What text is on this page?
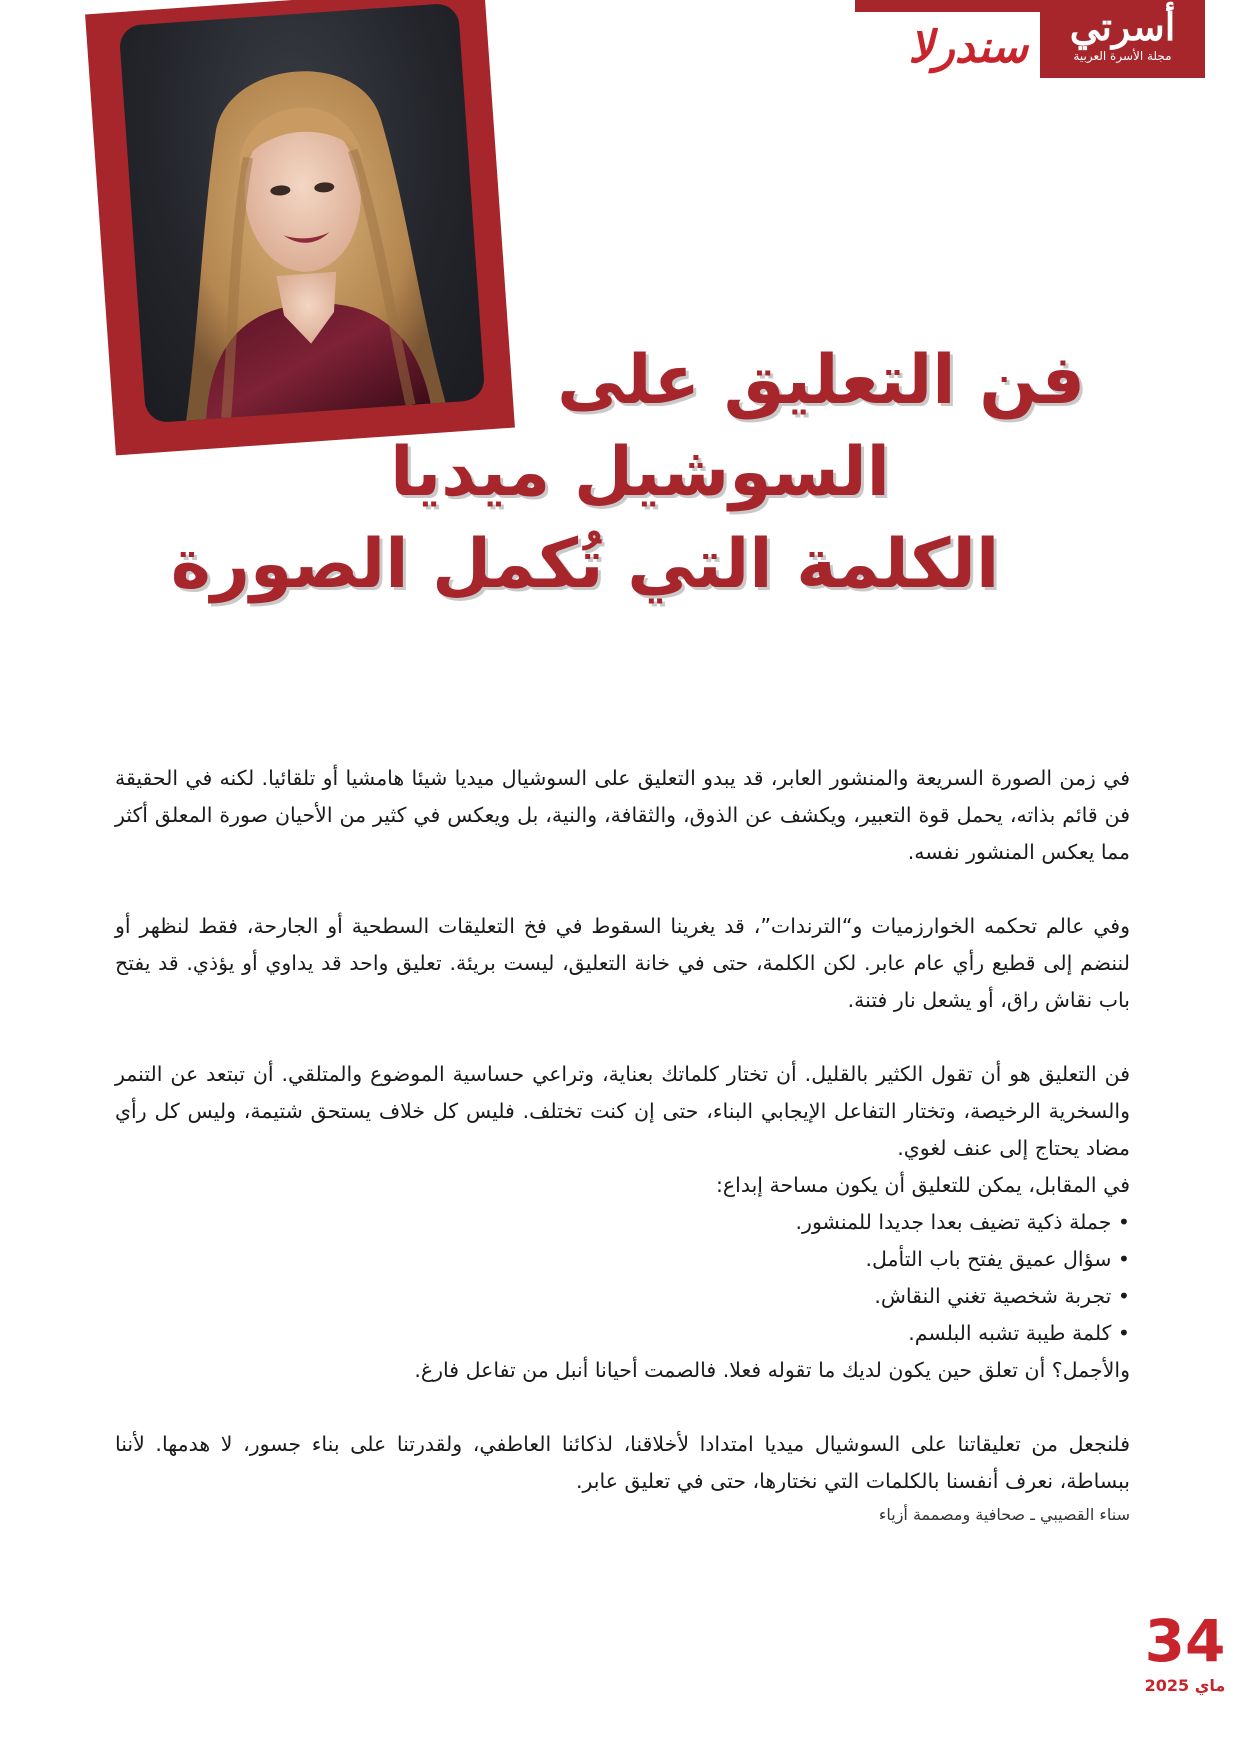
أسرتي
مجلة الأسرة العربية
سندرلا
فن التعليق على
السوشيل ميديا
الكلمة التي تُكمل الصورة

في زمن الصورة السريعة والمنشور العابر، قد يبدو التعليق على السوشيال ميديا شيئا هامشيا أو تلقائيا. لكنه في الحقيقة فن قائم بذاته، يحمل قوة التعبير، ويكشف عن الذوق، والثقافة، والنية، بل ويعكس في كثير من الأحيان صورة المعلق أكثر مما يعكس المنشور نفسه.

وفي عالم تحكمه الخوارزميات و“الترندات”، قد يغرينا السقوط في فخ التعليقات السطحية أو الجارحة، فقط لنظهر أو لننضم إلى قطيع رأي عام عابر. لكن الكلمة، حتى في خانة التعليق، ليست بريئة. تعليق واحد قد يداوي أو يؤذي. قد يفتح باب نقاش راق، أو يشعل نار فتنة.

فن التعليق هو أن تقول الكثير بالقليل. أن تختار كلماتك بعناية، وتراعي حساسية الموضوع والمتلقي. أن تبتعد عن التنمر والسخرية الرخيصة، وتختار التفاعل الإيجابي البناء، حتى إن كنت تختلف. فليس كل خلاف يستحق شتيمة، وليس كل رأي مضاد يحتاج إلى عنف لغوي.

في المقابل، يمكن للتعليق أن يكون مساحة إبداع:

• جملة ذكية تضيف بعدا جديدا للمنشور.
• سؤال عميق يفتح باب التأمل.
• تجربة شخصية تغني النقاش.
• كلمة طيبة تشبه البلسم.

والأجمل؟ أن تعلق حين يكون لديك ما تقوله فعلا. فالصمت أحيانا أنبل من تفاعل فارغ.

فلنجعل من تعليقاتنا على السوشيال ميديا امتدادا لأخلاقنا، لذكائنا العاطفي، ولقدرتنا على بناء جسور، لا هدمها. لأننا ببساطة، نعرف أنفسنا بالكلمات التي نختارها، حتى في تعليق عابر.

سناء القصيبي ـ صحافية ومصممة أزياء

34
ماي 2025
